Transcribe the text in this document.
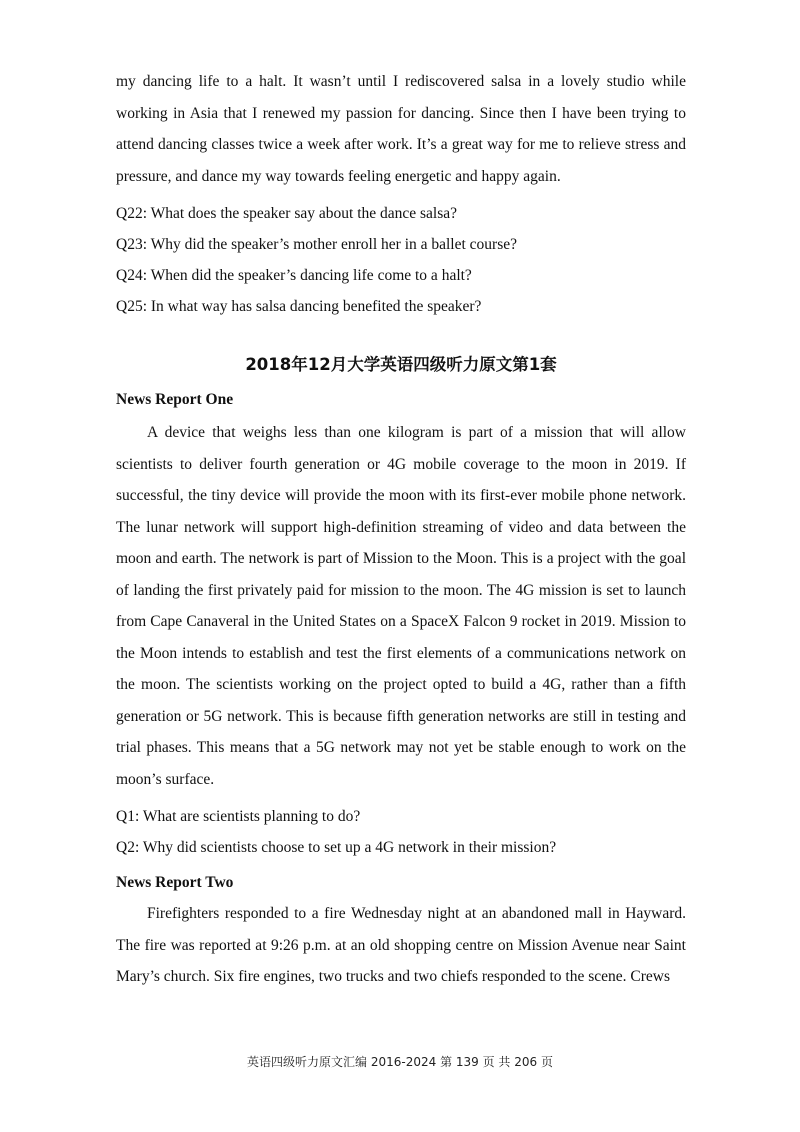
my dancing life to a halt. It wasn’t until I rediscovered salsa in a lovely studio while working in Asia that I renewed my passion for dancing. Since then I have been trying to attend dancing classes twice a week after work. It’s a great way for me to relieve stress and pressure, and dance my way towards feeling energetic and happy again.

Q22: What does the speaker say about the dance salsa?

Q23: Why did the speaker’s mother enroll her in a ballet course?

Q24: When did the speaker’s dancing life come to a halt?

Q25: In what way has salsa dancing benefited the speaker?

2018年12月大学英语四级听力原文第1套
News Report One

A device that weighs less than one kilogram is part of a mission that will allow scientists to deliver fourth generation or 4G mobile coverage to the moon in 2019. If successful, the tiny device will provide the moon with its first-ever mobile phone network. The lunar network will support high-definition streaming of video and data between the moon and earth. The network is part of Mission to the Moon. This is a project with the goal of landing the first privately paid for mission to the moon. The 4G mission is set to launch from Cape Canaveral in the United States on a SpaceX Falcon 9 rocket in 2019. Mission to the Moon intends to establish and test the first elements of a communications network on the moon. The scientists working on the project opted to build a 4G, rather than a fifth generation or 5G network. This is because fifth generation networks are still in testing and trial phases. This means that a 5G network may not yet be stable enough to work on the moon’s surface.

Q1: What are scientists planning to do?

Q2: Why did scientists choose to set up a 4G network in their mission?

News Report Two

Firefighters responded to a fire Wednesday night at an abandoned mall in Hayward. The fire was reported at 9:26 p.m. at an old shopping centre on Mission Avenue near Saint Mary’s church. Six fire engines, two trucks and two chiefs responded to the scene. Crews

英语四级听力原文汇编 2016-2024 第 139 页 共 206 页
